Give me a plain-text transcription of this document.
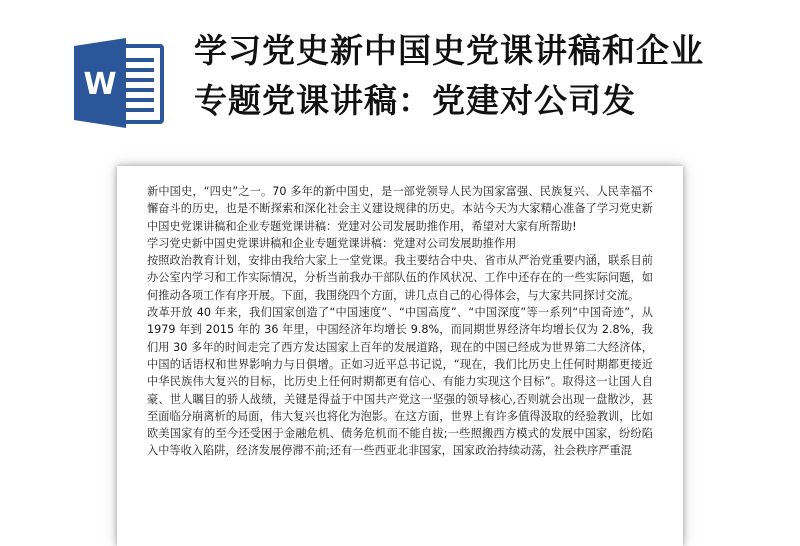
W
学习党史新中国史党课讲稿和企业专题党课讲稿：党建对公司发

新中国史，“四史”之一。70 多年的新中国史，是一部党领导人民为国家富强、民族复兴、人民幸福不懈奋斗的历史，也是不断探索和深化社会主义建设规律的历史。本站今天为大家精心准备了学习党史新中国史党课讲稿和企业专题党课讲稿：党建对公司发展助推作用，希望对大家有所帮助!

学习党史新中国史党课讲稿和企业专题党课讲稿：党建对公司发展助推作用

按照政治教育计划，安排由我给大家上一堂党课。我主要结合中央、省市从严治党重要内涵，联系目前办公室内学习和工作实际情况，分析当前我办干部队伍的作风状况、工作中还存在的一些实际问题，如何推动各项工作有序开展。下面，我围绕四个方面，讲几点自己的心得体会，与大家共同探讨交流。

改革开放 40 年来，我们国家创造了“中国速度”、“中国高度”、“中国深度”等一系列“中国奇迹”，从 1979 年到 2015 年的 36 年里，中国经济年均增长 9.8%，而同期世界经济年均增长仅为 2.8%，我们用 30 多年的时间走完了西方发达国家上百年的发展道路，现在的中国已经成为世界第二大经济体，中国的话语权和世界影响力与日俱增。正如习近平总书记说，“现在，我们比历史上任何时期都更接近中华民族伟大复兴的目标，比历史上任何时期都更有信心、有能力实现这个目标”。取得这一让国人自豪、世人瞩目的骄人战绩，关键是得益于中国共产党这一坚强的领导核心,否则就会出现一盘散沙，甚至面临分崩离析的局面，伟大复兴也将化为泡影。在这方面，世界上有许多值得汲取的经验教训，比如欧美国家有的至今还受困于金融危机、债务危机而不能自拔;一些照搬西方模式的发展中国家，纷纷陷入中等收入陷阱，经济发展停滞不前;还有一些西亚北非国家，国家政治持续动荡，社会秩序严重混
